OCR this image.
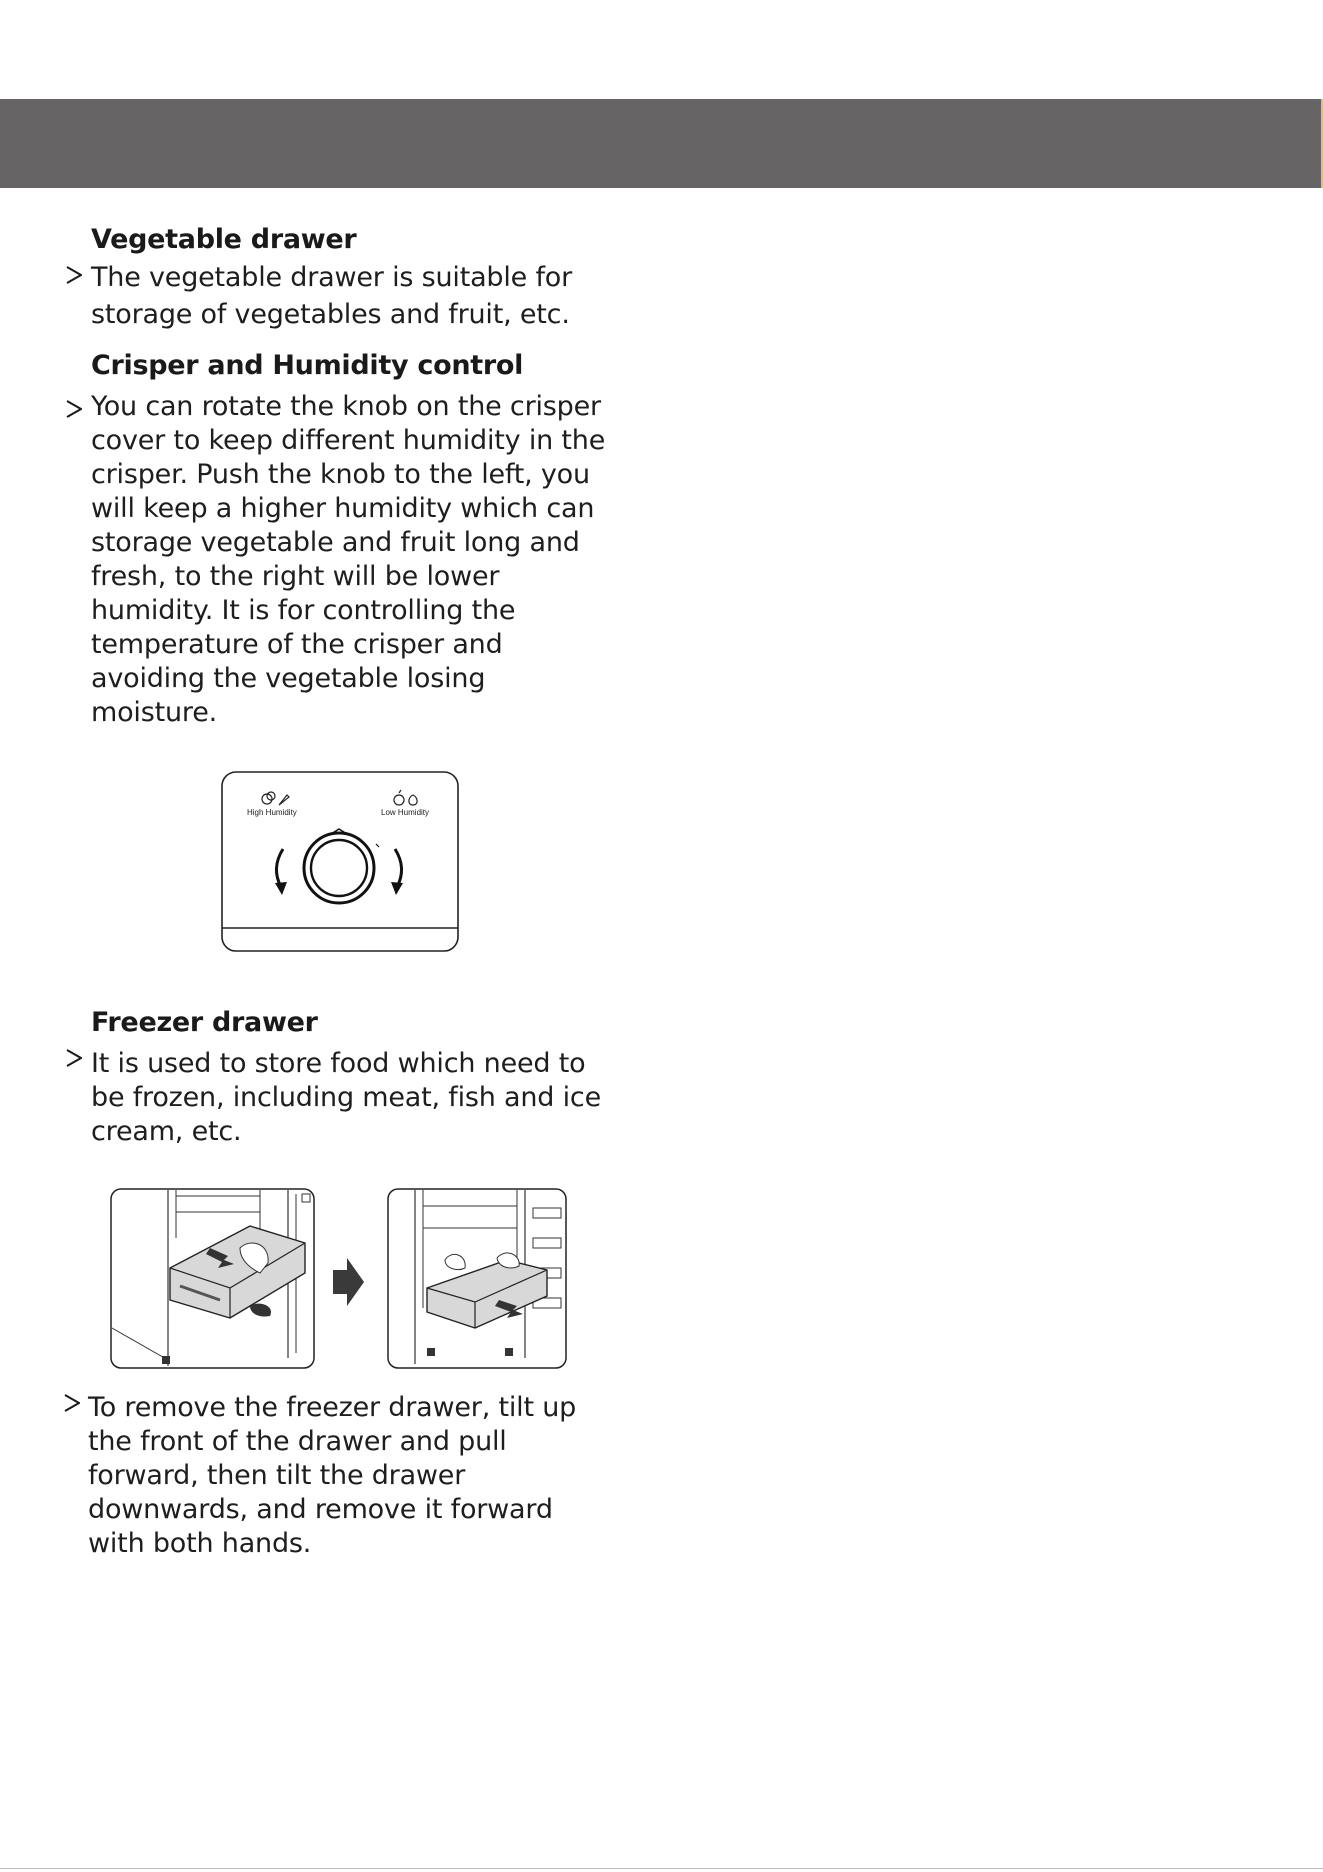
Vegetable drawer

The vegetable drawer is suitable for
storage of vegetables and fruit, etc.

Crisper and Humidity control

You can rotate the knob on the crisper
cover to keep different humidity in the
crisper. Push the knob to the left, you
will keep a higher humidity which can
storage vegetable and fruit long and
fresh, to the right will be lower
humidity. It is for controlling the
temperature of the crisper and
avoiding the vegetable losing
moisture.

High Humidity	Low Humidity
Freezer drawer

It is used to store food which need to
be frozen, including meat, fish and ice
cream, etc.

To remove the freezer drawer, tilt up
the front of the drawer and pull
forward, then tilt the drawer
downwards, and remove it forward
with both hands.
